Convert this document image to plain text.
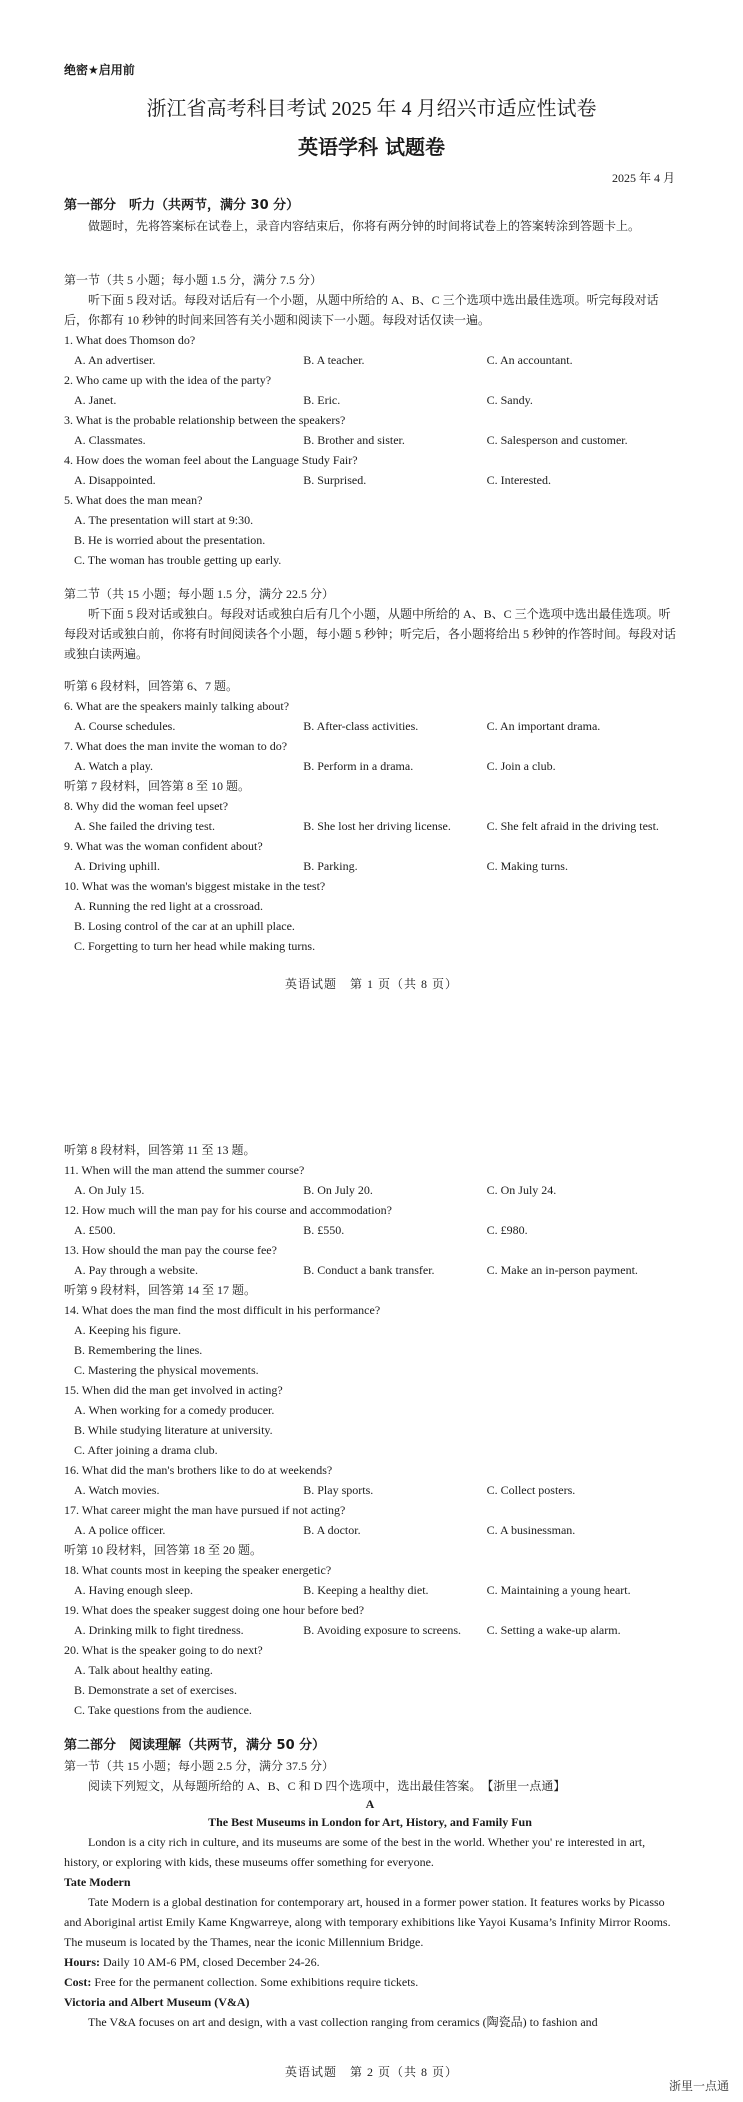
绝密★启用前
浙江省高考科目考试 2025 年 4 月绍兴市适应性试卷
英语学科 试题卷
2025 年 4 月
第一部分　听力（共两节，满分 30 分）
做题时，先将答案标在试卷上，录音内容结束后，你将有两分钟的时间将试卷上的答案转涂到答题卡上。
第一节（共 5 小题；每小题 1.5 分，满分 7.5 分）
听下面 5 段对话。每段对话后有一个小题，从题中所给的 A、B、C 三个选项中选出最佳选项。听完每段对话后，你都有 10 秒钟的时间来回答有关小题和阅读下一小题。每段对话仅读一遍。
1. What does Thomson do?
A. An advertiser.	B. A teacher.	C. An accountant.
2. Who came up with the idea of the party?
A. Janet.	B. Eric.	C. Sandy.
3. What is the probable relationship between the speakers?
A. Classmates.	B. Brother and sister.	C. Salesperson and customer.
4. How does the woman feel about the Language Study Fair?
A. Disappointed.	B. Surprised.	C. Interested.
5. What does the man mean?
A. The presentation will start at 9:30.
B. He is worried about the presentation.
C. The woman has trouble getting up early.
第二节（共 15 小题；每小题 1.5 分，满分 22.5 分）
听下面 5 段对话或独白。每段对话或独白后有几个小题，从题中所给的 A、B、C 三个选项中选出最佳选项。听每段对话或独白前，你将有时间阅读各个小题，每小题 5 秒钟；听完后，各小题将给出 5 秒钟的作答时间。每段对话或独白读两遍。
听第 6 段材料，回答第 6、7 题。
6. What are the speakers mainly talking about?
A. Course schedules.	B. After-class activities.	C. An important drama.
7. What does the man invite the woman to do?
A. Watch a play.	B. Perform in a drama.	C. Join a club.
听第 7 段材料，回答第 8 至 10 题。
8. Why did the woman feel upset?
A. She failed the driving test.	B. She lost her driving license.	C. She felt afraid in the driving test.
9. What was the woman confident about?
A. Driving uphill.	B. Parking.	C. Making turns.
10. What was the woman's biggest mistake in the test?
A. Running the red light at a crossroad.
B. Losing control of the car at an uphill place.
C. Forgetting to turn her head while making turns.
英语试题　第 1 页（共 8 页）
听第 8 段材料，回答第 11 至 13 题。
11. When will the man attend the summer course?
A. On July 15.	B. On July 20.	C. On July 24.
12. How much will the man pay for his course and accommodation?
A. £500.	B. £550.	C. £980.
13. How should the man pay the course fee?
A. Pay through a website.	B. Conduct a bank transfer.	C. Make an in-person payment.
听第 9 段材料，回答第 14 至 17 题。
14. What does the man find the most difficult in his performance?
A. Keeping his figure.
B. Remembering the lines.
C. Mastering the physical movements.
15. When did the man get involved in acting?
A. When working for a comedy producer.
B. While studying literature at university.
C. After joining a drama club.
16. What did the man's brothers like to do at weekends?
A. Watch movies.	B. Play sports.	C. Collect posters.
17. What career might the man have pursued if not acting?
A. A police officer.	B. A doctor.	C. A businessman.
听第 10 段材料，回答第 18 至 20 题。
18. What counts most in keeping the speaker energetic?
A. Having enough sleep.	B. Keeping a healthy diet.	C. Maintaining a young heart.
19. What does the speaker suggest doing one hour before bed?
A. Drinking milk to fight tiredness.	B. Avoiding exposure to screens.	C. Setting a wake-up alarm.
20. What is the speaker going to do next?
A. Talk about healthy eating.
B. Demonstrate a set of exercises.
C. Take questions from the audience.
第二部分　阅读理解（共两节，满分 50 分）
第一节（共 15 小题；每小题 2.5 分，满分 37.5 分）
阅读下列短文，从每题所给的 A、B、C 和 D 四个选项中，选出最佳答案。　【浙里一点通】
A
The Best Museums in London for Art, History, and Family Fun
London is a city rich in culture, and its museums are some of the best in the world. Whether you' re interested in art, history, or exploring with kids, these museums offer something for everyone.
Tate Modern
Tate Modern is a global destination for contemporary art, housed in a former power station. It features works by Picasso and Aboriginal artist Emily Kame Kngwarreye, along with temporary exhibitions like Yayoi Kusama’s Infinity Mirror Rooms. The museum is located by the Thames, near the iconic Millennium Bridge.
Hours: Daily 10 AM-6 PM, closed December 24-26.
Cost: Free for the permanent collection. Some exhibitions require tickets.
Victoria and Albert Museum (V&A)
The V&A focuses on art and design, with a vast collection ranging from ceramics (陶瓷品) to fashion and
英语试题　第 2 页（共 8 页）
浙里一点通
